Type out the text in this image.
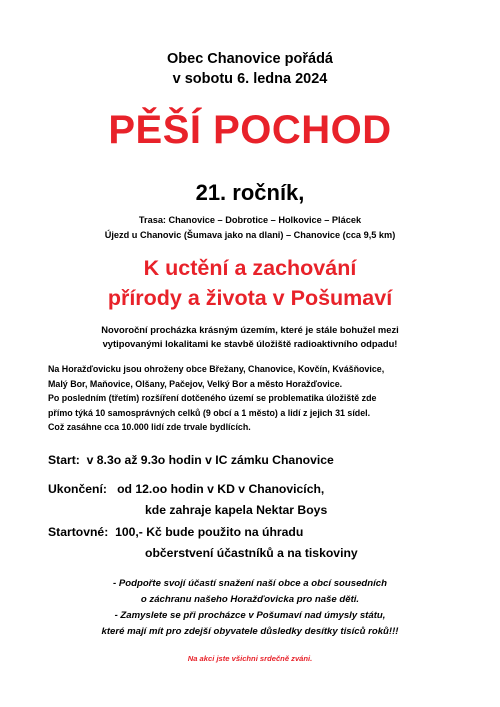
Obec Chanovice pořádá
v sobotu 6. ledna 2024
PĚŠÍ POCHOD
21. ročník,
Trasa: Chanovice – Dobrotice – Holkovice – Plácek
Újezd u Chanovic (Šumava jako na dlani) – Chanovice (cca 9,5 km)
K uctění a zachování
přírody a života v Pošumaví
Novoroční procházka krásným územím, které je stále bohužel mezi
vytipovanými lokalitami ke stavbě úložiště radioaktivního odpadu!
Na Horažďovicku jsou ohroženy obce Břežany, Chanovice, Kovčín, Kvášňovice,
Malý Bor, Maňovice, Olšany, Pačejov, Velký Bor a město Horažďovice.
Po posledním (třetím) rozšíření dotčeného území se problematika úložiště zde
přímo týká 10 samosprávných celků (9 obcí a 1 město) a lidí z jejich 31 sídel.
Což zasáhne cca 10.000 lidí zde trvale bydlících.
Start: v 8.3o až 9.3o hodin v IC zámku Chanovice
Ukončení: od 12.oo hodin v KD v Chanovicích,
kde zahraje kapela Nektar Boys
Startovné: 100,- Kč bude použito na úhradu
občerstvení účastníků a na tiskoviny
- Podpořte svojí účastí snažení naší obce a obcí sousedních
o záchranu našeho Horažďovicka pro naše děti.
- Zamyslete se při procházce v Pošumaví nad úmysly státu,
které mají mít pro zdejší obyvatele důsledky desítky tisíců roků!!!
Na akci jste všichni srdečně zváni.
